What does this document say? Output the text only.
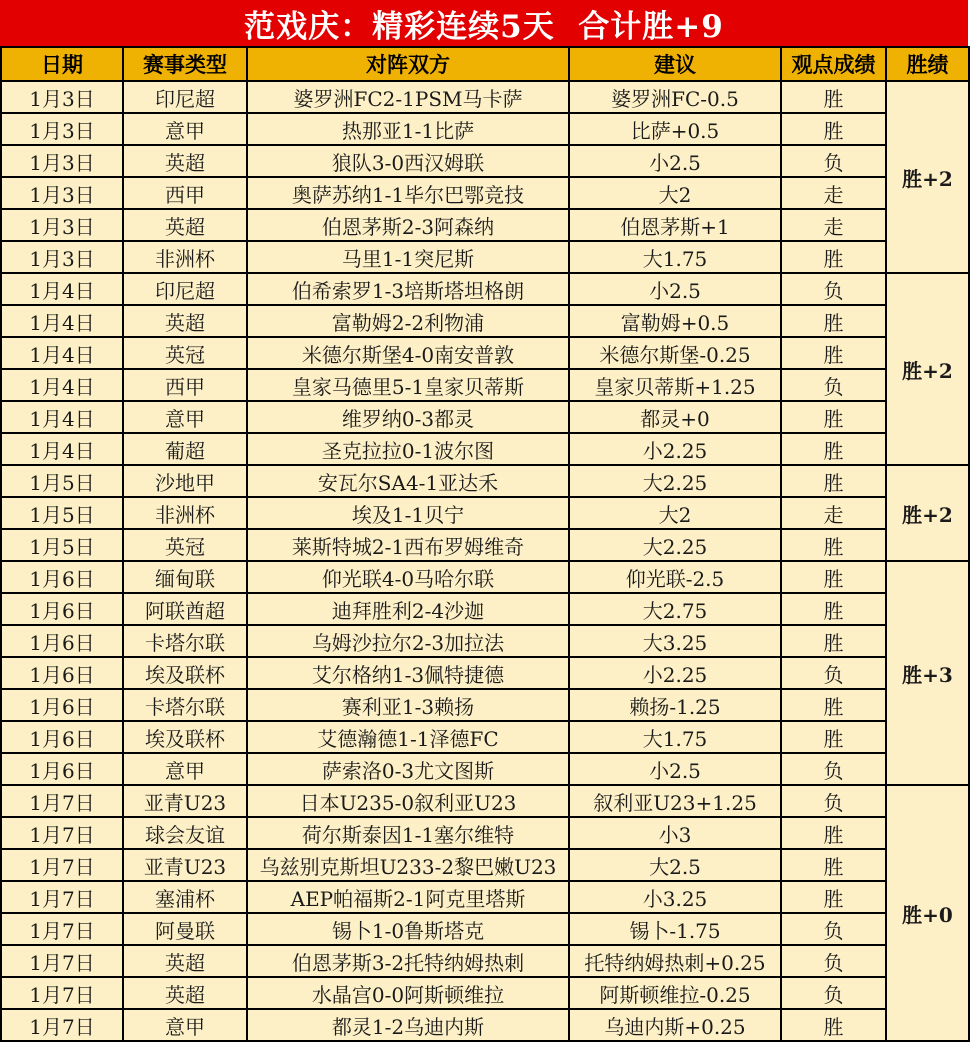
范戏庆：精彩连续5天  合计胜+9
日期	赛事类型	对阵双方	建议	观点成绩	胜绩
1月3日	印尼超	婆罗洲FC2-1PSM马卡萨	婆罗洲FC-0.5	胜	胜+2
1月3日	意甲	热那亚1-1比萨	比萨+0.5	胜	
1月3日	英超	狼队3-0西汉姆联	小2.5	负	
1月3日	西甲	奥萨苏纳1-1毕尔巴鄂竞技	大2	走	
1月3日	英超	伯恩茅斯2-3阿森纳	伯恩茅斯+1	走	
1月3日	非洲杯	马里1-1突尼斯	大1.75	胜	
1月4日	印尼超	伯希索罗1-3培斯塔坦格朗	小2.5	负	胜+2
1月4日	英超	富勒姆2-2利物浦	富勒姆+0.5	胜	
1月4日	英冠	米德尔斯堡4-0南安普敦	米德尔斯堡-0.25	胜	
1月4日	西甲	皇家马德里5-1皇家贝蒂斯	皇家贝蒂斯+1.25	负	
1月4日	意甲	维罗纳0-3都灵	都灵+0	胜	
1月4日	葡超	圣克拉拉0-1波尔图	小2.25	胜	
1月5日	沙地甲	安瓦尔SA4-1亚达禾	大2.25	胜	胜+2
1月5日	非洲杯	埃及1-1贝宁	大2	走	
1月5日	英冠	莱斯特城2-1西布罗姆维奇	大2.25	胜	
1月6日	缅甸联	仰光联4-0马哈尔联	仰光联-2.5	胜	胜+3
1月6日	阿联酋超	迪拜胜利2-4沙迦	大2.75	胜	
1月6日	卡塔尔联	乌姆沙拉尔2-3加拉法	大3.25	胜	
1月6日	埃及联杯	艾尔格纳1-3佩特捷德	小2.25	负	
1月6日	卡塔尔联	赛利亚1-3赖扬	赖扬-1.25	胜	
1月6日	埃及联杯	艾德瀚德1-1泽德FC	大1.75	胜	
1月6日	意甲	萨索洛0-3尤文图斯	小2.5	负	
1月7日	亚青U23	日本U235-0叙利亚U23	叙利亚U23+1.25	负	胜+0
1月7日	球会友谊	荷尔斯泰因1-1塞尔维特	小3	胜	
1月7日	亚青U23	乌兹别克斯坦U233-2黎巴嫩U23	大2.5	胜	
1月7日	塞浦杯	AEP帕福斯2-1阿克里塔斯	小3.25	胜	
1月7日	阿曼联	锡卜1-0鲁斯塔克	锡卜-1.75	负	
1月7日	英超	伯恩茅斯3-2托特纳姆热刺	托特纳姆热刺+0.25	负	
1月7日	英超	水晶宫0-0阿斯顿维拉	阿斯顿维拉-0.25	负	
1月7日	意甲	都灵1-2乌迪内斯	乌迪内斯+0.25	胜	
